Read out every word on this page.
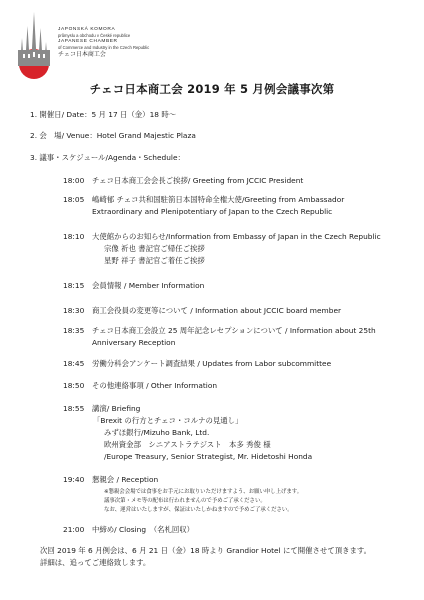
JAPONSKÁ KOMORA
průmyslu a obchodu v České republice
JAPANESE CHAMBER
of Commerce and Industry in the Czech Republic
チェコ日本商工会
チェコ日本商工会 2019 年 5 月例会議事次第
1. 開催日/ Date：5 月 17 日（金）18 時～
2. 会　場/ Venue：Hotel Grand Majestic Plaza
3. 議事・スケジュール/Agenda・Schedule：
18:00 チェコ日本商工会会長ご挨拶/ Greeting from JCCIC President
18:05 嶋崎郁 チェコ共和国駐箚日本国特命全権大使/Greeting from Ambassador
Extraordinary and Plenipotentiary of Japan to the Czech Republic
18:10 大使館からのお知らせ/Information from Embassy of Japan in the Czech Republic
宗像 祈也 書記官ご帰任ご挨拶
星野 祥子 書記官ご着任ご挨拶
18:15 会員情報 / Member Information
18:30 商工会役員の変更等について / Information about JCCIC board member
18:35 チェコ日本商工会設立 25 周年記念レセプションについて / Information about 25th
Anniversary Reception
18:45 労働分科会アンケート調査結果 / Updates from Labor subcommittee
18:50 その他連絡事項 / Other Information
18:55 講演/ Briefing
「Brexit の行方とチェコ・コルナの見通し」
みずほ銀行/Mizuho Bank, Ltd.
欧州資金部　シニアストラテジスト　本多 秀俊 様
/Europe Treasury, Senior Strategist, Mr. Hidetoshi Honda
19:40 懇親会 / Reception
※懇親会会場では食事をお手元にお取りいただけますよう、お願い申し上げます。
議事次第・メモ等の配布は行われませんので予めご了承ください。
なお、運営はいたしますが、保証はいたしかねますので予めご了承ください。
21:00 中締め/ Closing　（名札回収）
次回 2019 年 6 月例会は、6 月 21 日（金）18 時より Grandior Hotel にて開催させて頂きます。
詳細は、追ってご連絡致します。
